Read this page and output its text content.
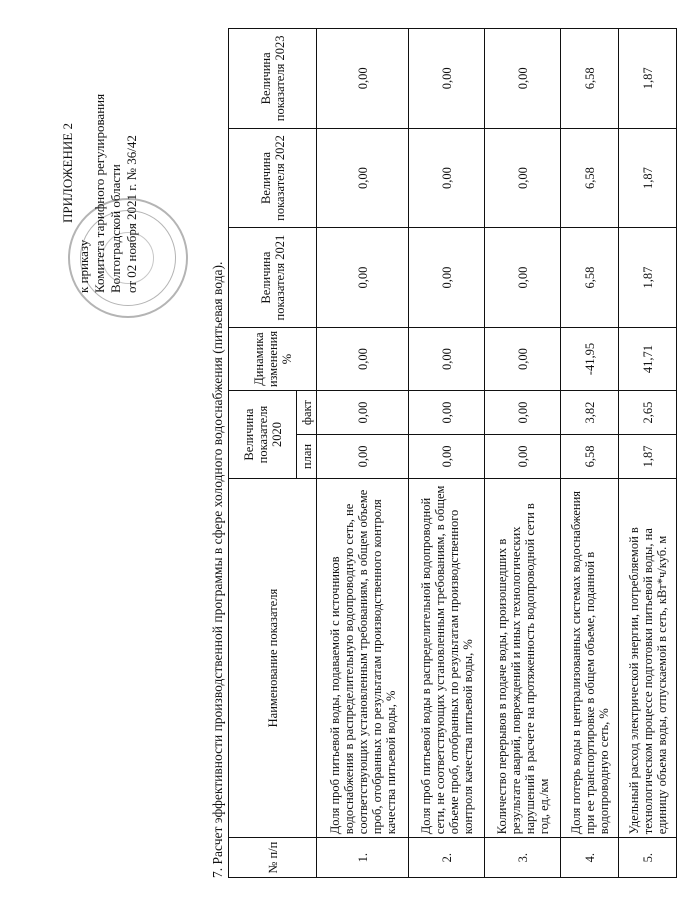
ПРИЛОЖЕНИЕ 2
к приказу Комитета тарифного регулирования Волгоградской области от 02 ноября 2021 г. № 36/42
7. Расчет эффективности производственной программы в сфере холодного водоснабжения (питьевая вода).	№ п/п	Наименование показателя	Величина показателя 2020		Динамика изменения %	Величина показателя 2021	Величина показателя 2022	Величина показателя 2023
		план	факт				
1.	Доля проб питьевой воды, подаваемой с источников водоснабжения в распределительную водопроводную сеть, не соответствующих установленным требованиям, в общем объеме проб, отобранных по результатам производственного контроля качества питьевой воды, %	0,00	0,00	0,00	0,00	0,00	0,00
2.	Доля проб питьевой воды в распределительной водопроводной сети, не соответствующих установленным требованиям, в общем объеме проб, отобранных по результатам производственного контроля качества питьевой воды, %	0,00	0,00	0,00	0,00	0,00	0,00
3.	Количество перерывов в подаче воды, произошедших в результате аварий, повреждений и иных технологических нарушений в расчете на протяженность водопроводной сети в год, ед./км	0,00	0,00	0,00	0,00	0,00	0,00
4.	Доля потерь воды в централизованных системах водоснабжения при ее транспортировке в общем объеме, поданной в водопроводную сеть, %	6,58	3,82	-41,95	6,58	6,58	6,58
5.	Удельный расход электрической энергии, потребляемой в технологическом процессе подготовки питьевой воды, на единицу объема воды, отпускаемой в сеть, кВт*ч/куб. м	1,87	2,65	41,71	1,87	1,87	1,87
